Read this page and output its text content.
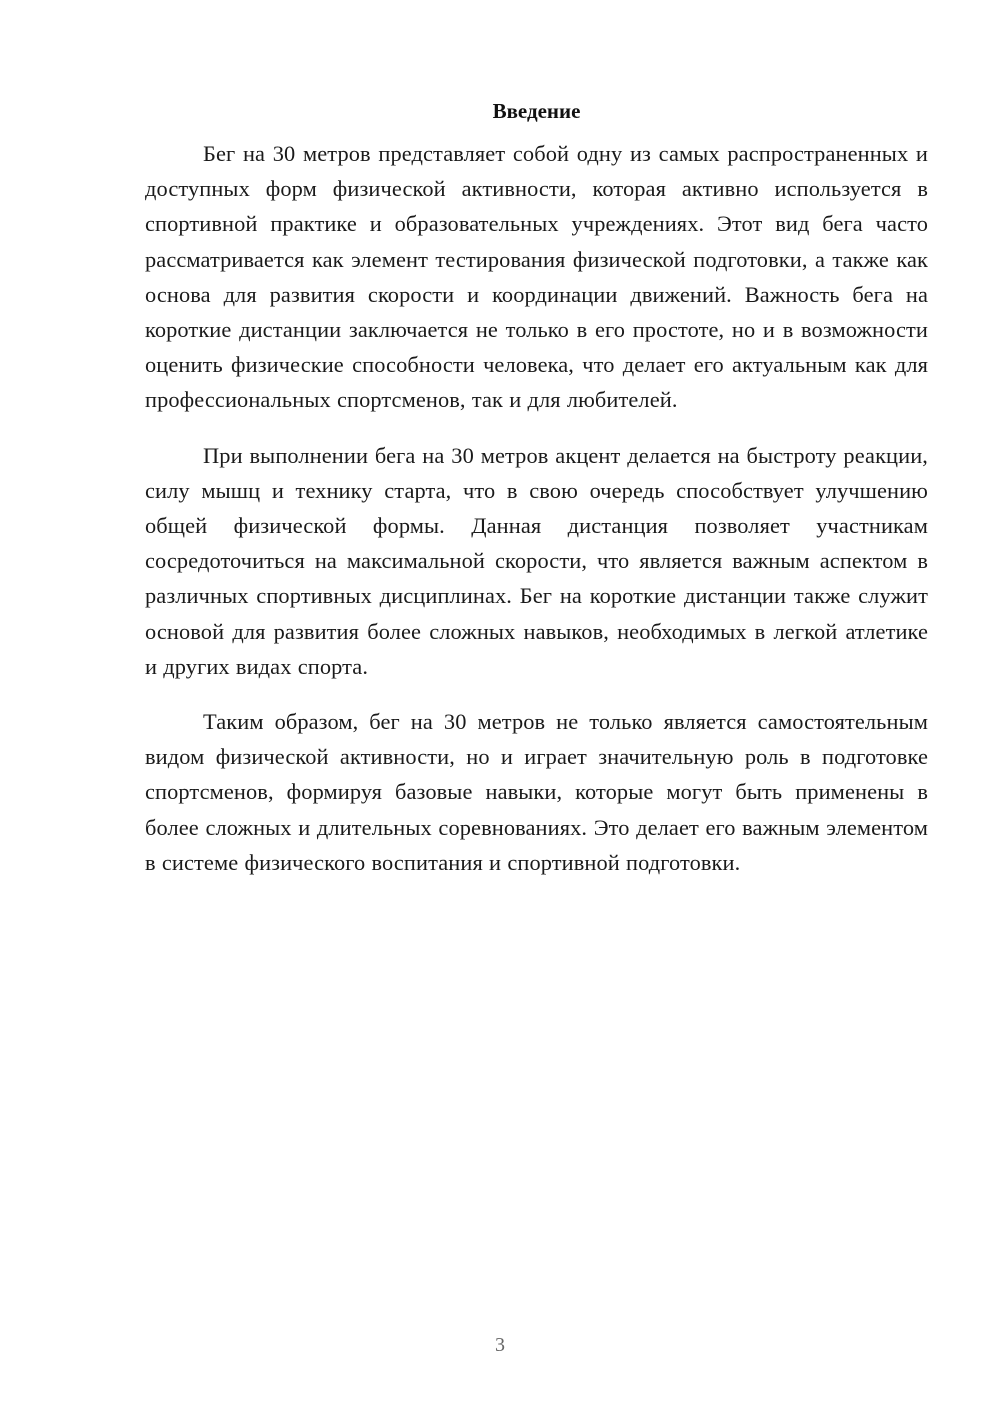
Введение

Бег на 30 метров представляет собой одну из самых распространенных и доступных форм физической активности, которая активно используется в спортивной практике и образовательных учреждениях. Этот вид бега часто рассматривается как элемент тестирования физической подготовки, а также как основа для развития скорости и координации движений. Важность бега на короткие дистанции заключается не только в его простоте, но и в возможности оценить физические способности человека, что делает его актуальным как для профессиональных спортсменов, так и для любителей.

При выполнении бега на 30 метров акцент делается на быстроту реакции, силу мышц и технику старта, что в свою очередь способствует улучшению общей физической формы. Данная дистанция позволяет участникам сосредоточиться на максимальной скорости, что является важным аспектом в различных спортивных дисциплинах. Бег на короткие дистанции также служит основой для развития более сложных навыков, необходимых в легкой атлетике и других видах спорта.

Таким образом, бег на 30 метров не только является самостоятельным видом физической активности, но и играет значительную роль в подготовке спортсменов, формируя базовые навыки, которые могут быть применены в более сложных и длительных соревнованиях. Это делает его важным элементом в системе физического воспитания и спортивной подготовки.

3
